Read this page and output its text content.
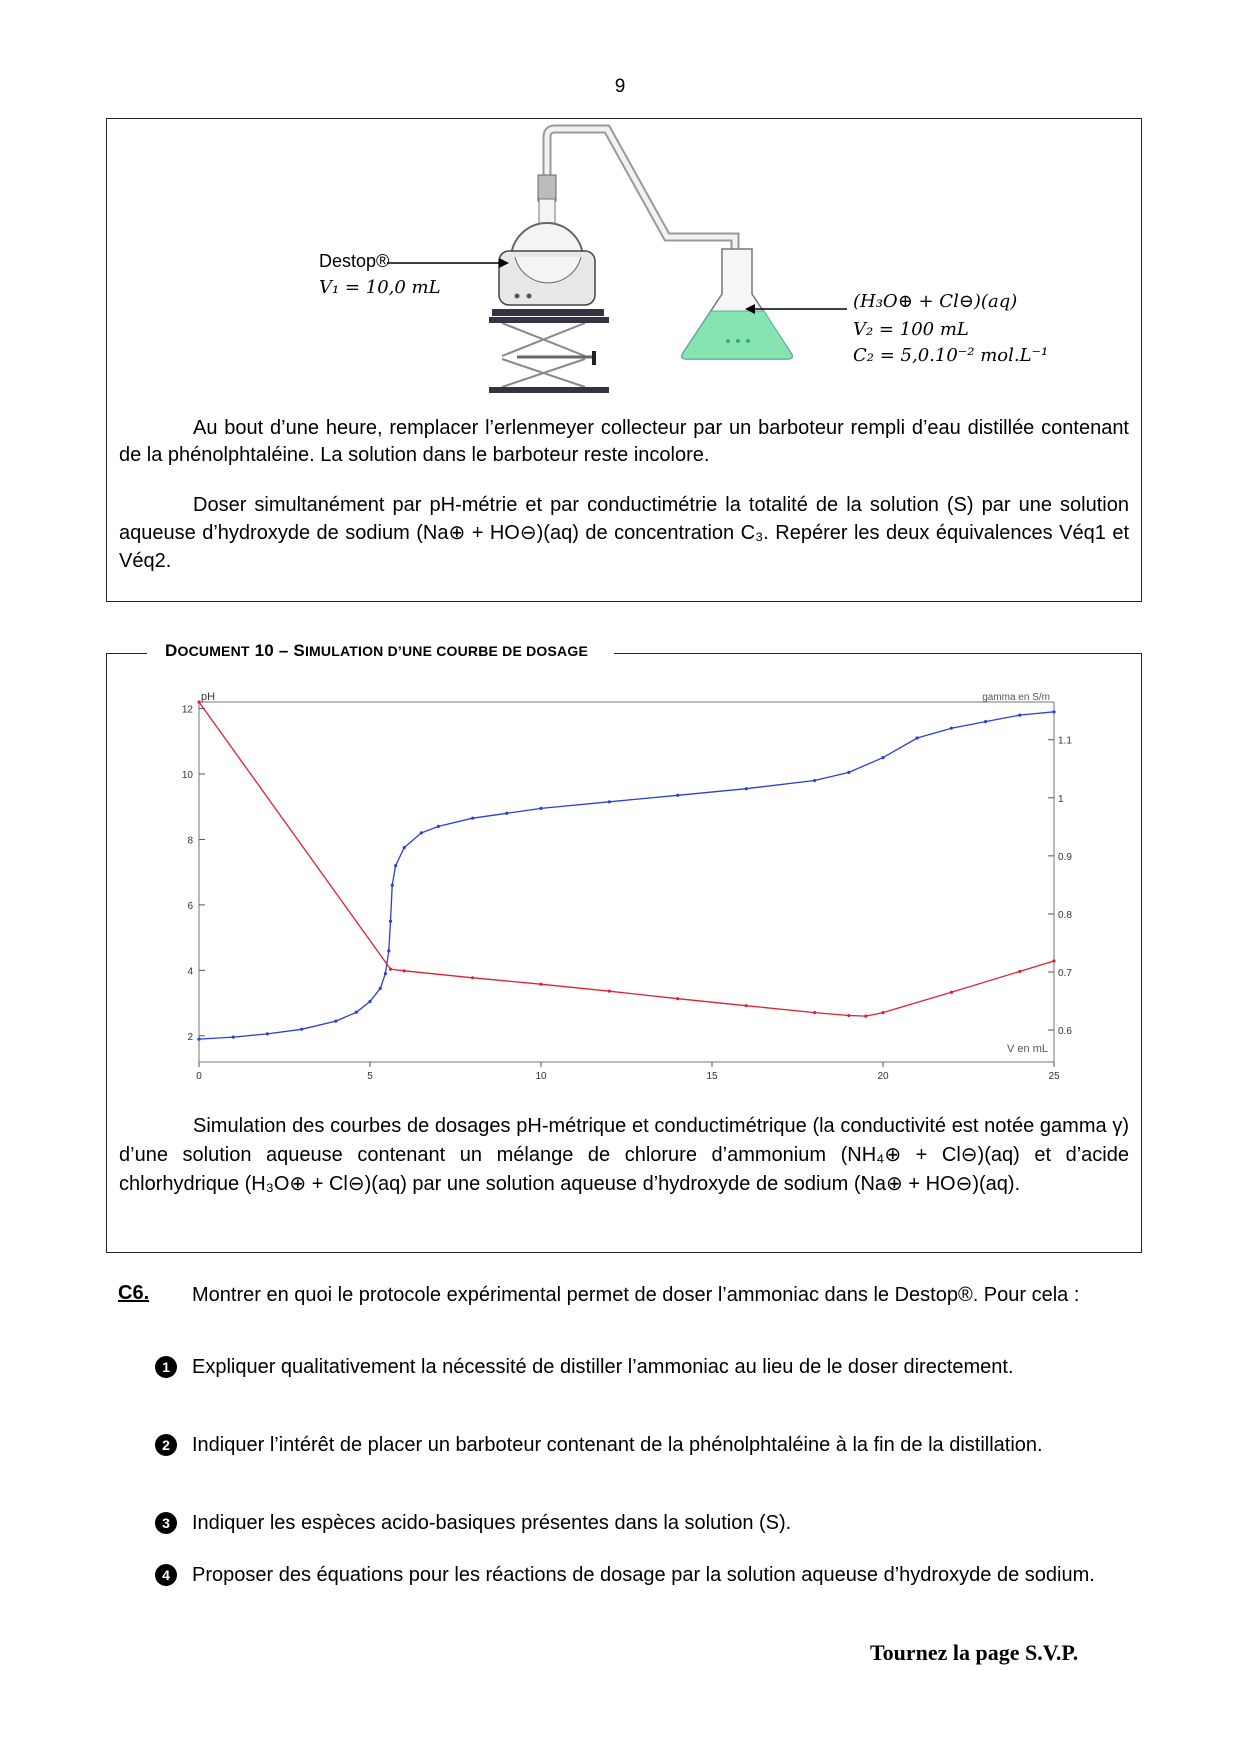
9
Destop®
V₁ = 10,0 mL
(H₃O⊕ + Cl⊖)(aq)
V₂ = 100 mL
C₂ = 5,0.10⁻² mol.L⁻¹
Au bout d’une heure, remplacer l’erlenmeyer collecteur par un barboteur rempli d’eau distillée contenant de la phénolphtaléine. La solution dans le barboteur reste incolore.
Doser simultanément par pH-métrie et par conductimétrie la totalité de la solution (S) par une solution aqueuse d’hydroxyde de sodium (Na⊕ + HO⊖)(aq) de concentration C₃. Repérer les deux équivalences Véq1 et Véq2.
DOCUMENT 10 – SIMULATION D’UNE COURBE DE DOSAGE
0	5	10	15	20	25
2
4
6
8
10
12
0.6
0.7
0.8
0.9
1
1.1
pH	gamma en S/m
V en mL
Simulation des courbes de dosages pH-métrique et conductimétrique (la conductivité est notée gamma γ) d’une solution aqueuse contenant un mélange de chlorure d’ammonium (NH₄⊕ + Cl⊖)(aq) et d’acide chlorhydrique (H₃O⊕ + Cl⊖)(aq) par une solution aqueuse d’hydroxyde de sodium (Na⊕ + HO⊖)(aq).
C6. Montrer en quoi le protocole expérimental permet de doser l’ammoniac dans le Destop®. Pour cela :
1	Expliquer qualitativement la nécessité de distiller l’ammoniac au lieu de le doser directement.
2	Indiquer l’intérêt de placer un barboteur contenant de la phénolphtaléine à la fin de la distillation.
3	Indiquer les espèces acido-basiques présentes dans la solution (S).
4	Proposer des équations pour les réactions de dosage par la solution aqueuse d’hydroxyde de sodium.
Tournez la page S.V.P.
